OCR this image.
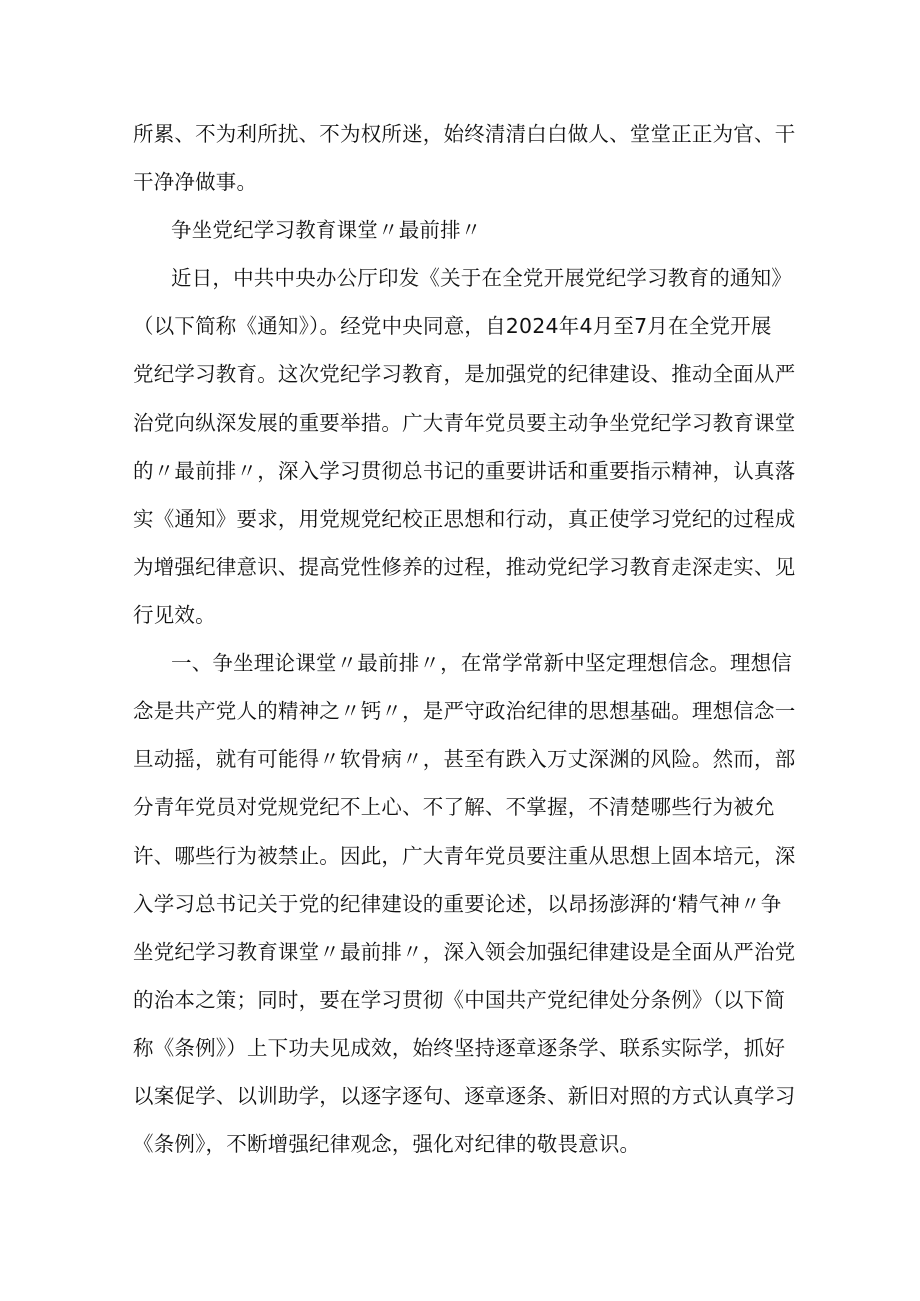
所累、不为利所扰、不为权所迷，始终清清白白做人、堂堂正正为官、干
干净净做事。
争坐党纪学习教育课堂〃最前排〃
近日，中共中央办公厅印发《关于在全党开展党纪学习教育的通知》
（以下简称《通知》）。经党中央同意，自2024年4月至7月在全党开展
党纪学习教育。这次党纪学习教育，是加强党的纪律建设、推动全面从严
治党向纵深发展的重要举措。广大青年党员要主动争坐党纪学习教育课堂
的〃最前排〃，深入学习贯彻总书记的重要讲话和重要指示精神，认真落
实《通知》要求，用党规党纪校正思想和行动，真正使学习党纪的过程成
为增强纪律意识、提高党性修养的过程，推动党纪学习教育走深走实、见
行见效。
一、争坐理论课堂〃最前排〃，在常学常新中坚定理想信念。理想信
念是共产党人的精神之〃钙〃，是严守政治纪律的思想基础。理想信念一
旦动摇，就有可能得〃软骨病〃，甚至有跌入万丈深渊的风险。然而，部
分青年党员对党规党纪不上心、不了解、不掌握，不清楚哪些行为被允
许、哪些行为被禁止。因此，广大青年党员要注重从思想上固本培元，深
入学习总书记关于党的纪律建设的重要论述，以昂扬澎湃的‘精气神〃争
坐党纪学习教育课堂〃最前排〃，深入领会加强纪律建设是全面从严治党
的治本之策；同时，要在学习贯彻《中国共产党纪律处分条例》（以下简
称《条例》）上下功夫见成效，始终坚持逐章逐条学、联系实际学，抓好
以案促学、以训助学，以逐字逐句、逐章逐条、新旧对照的方式认真学习
《条例》，不断增强纪律观念，强化对纪律的敬畏意识。
